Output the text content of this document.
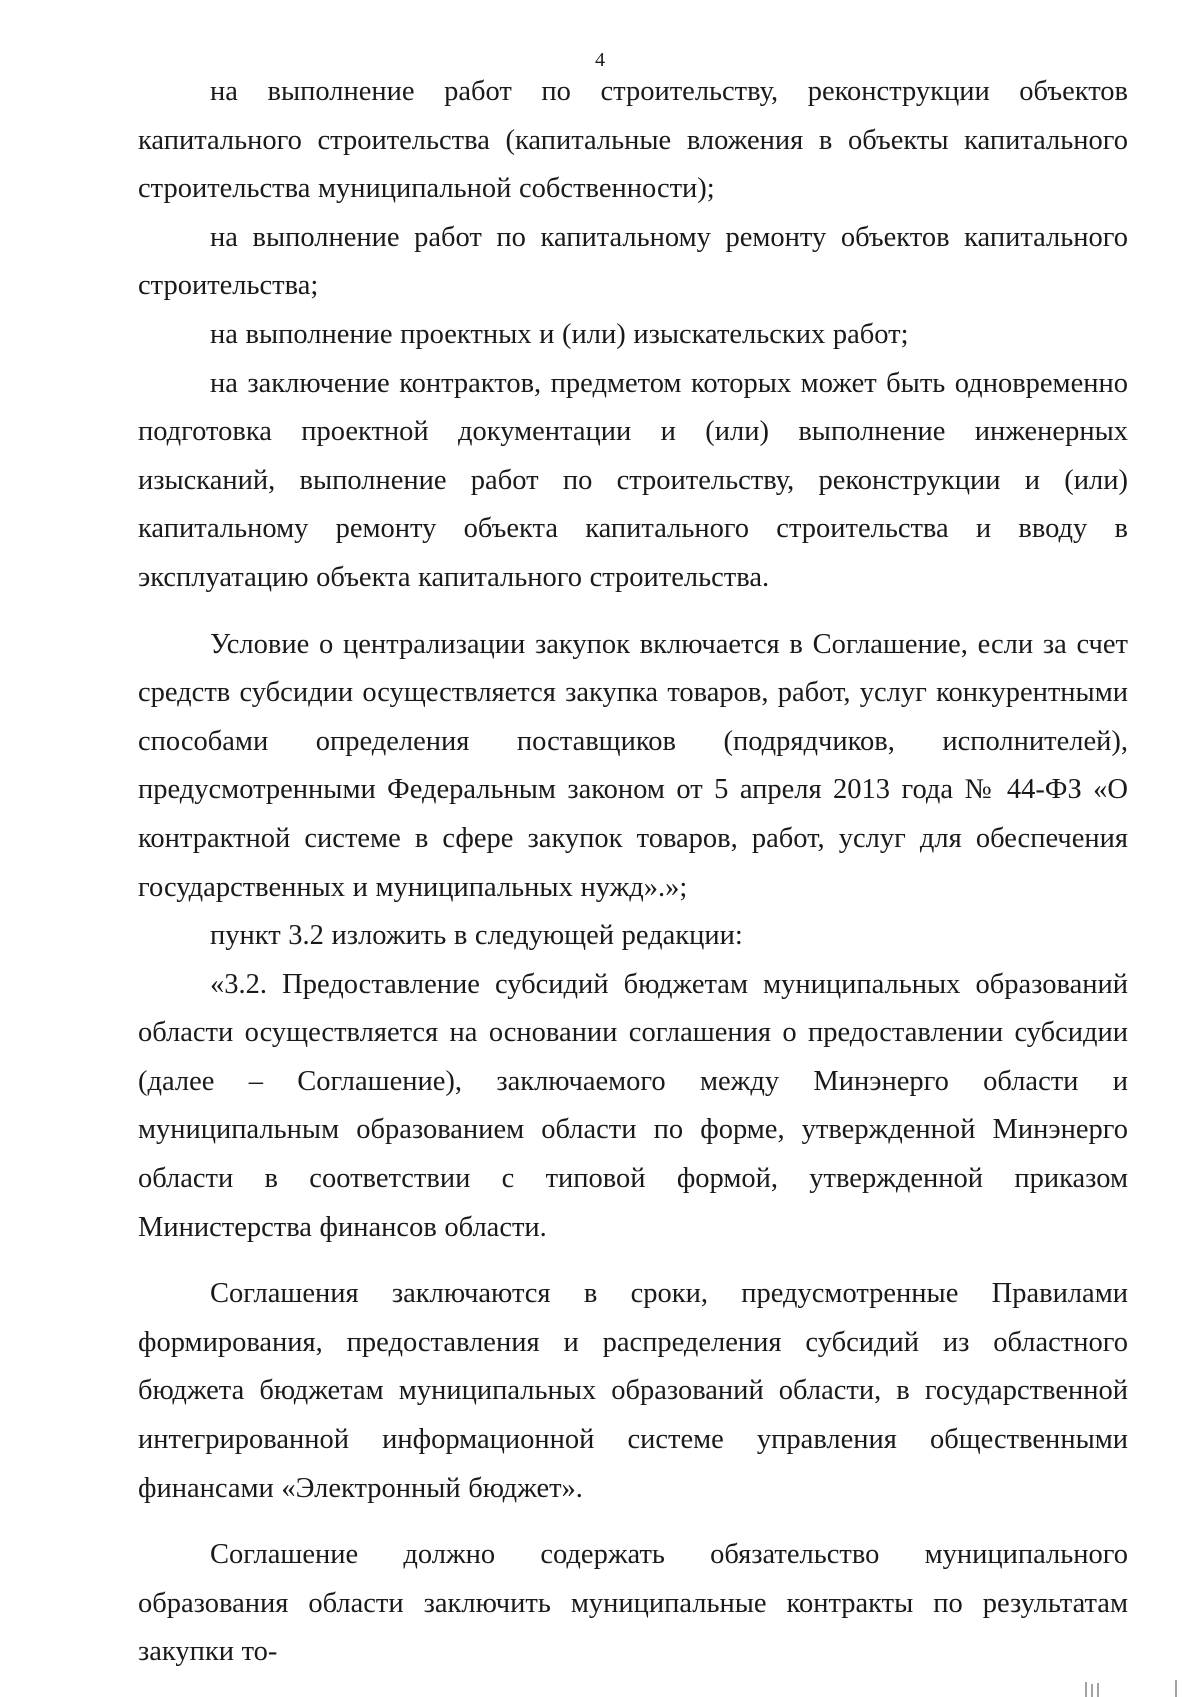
4

на выполнение работ по строительству, реконструкции объектов капитального строительства (капитальные вложения в объекты капитального строительства муниципальной собственности);

на выполнение работ по капитальному ремонту объектов капитального строительства;

на выполнение проектных и (или) изыскательских работ;

на заключение контрактов, предметом которых может быть одновременно подготовка проектной документации и (или) выполнение инженерных изысканий, выполнение работ по строительству, реконструкции и (или) капитальному ремонту объекта капитального строительства и вводу в эксплуатацию объекта капитального строительства.

Условие о централизации закупок включается в Соглашение, если за счет средств субсидии осуществляется закупка товаров, работ, услуг конкурентными способами определения поставщиков (подрядчиков, исполнителей), предусмотренными Федеральным законом от 5 апреля 2013 года № 44-ФЗ «О контрактной системе в сфере закупок товаров, работ, услуг для обеспечения государственных и муниципальных нужд».»;

пункт 3.2 изложить в следующей редакции:

«3.2. Предоставление субсидий бюджетам муниципальных образований области осуществляется на основании соглашения о предоставлении субсидии (далее – Соглашение), заключаемого между Минэнерго области и муниципальным образованием области по форме, утвержденной Минэнерго области в соответствии с типовой формой, утвержденной приказом Министерства финансов области.

Соглашения заключаются в сроки, предусмотренные Правилами формирования, предоставления и распределения субсидий из областного бюджета бюджетам муниципальных образований области, в государственной интегрированной информационной системе управления общественными финансами «Электронный бюджет».

Соглашение должно содержать обязательство муниципального образования области заключить муниципальные контракты по результатам закупки то-
